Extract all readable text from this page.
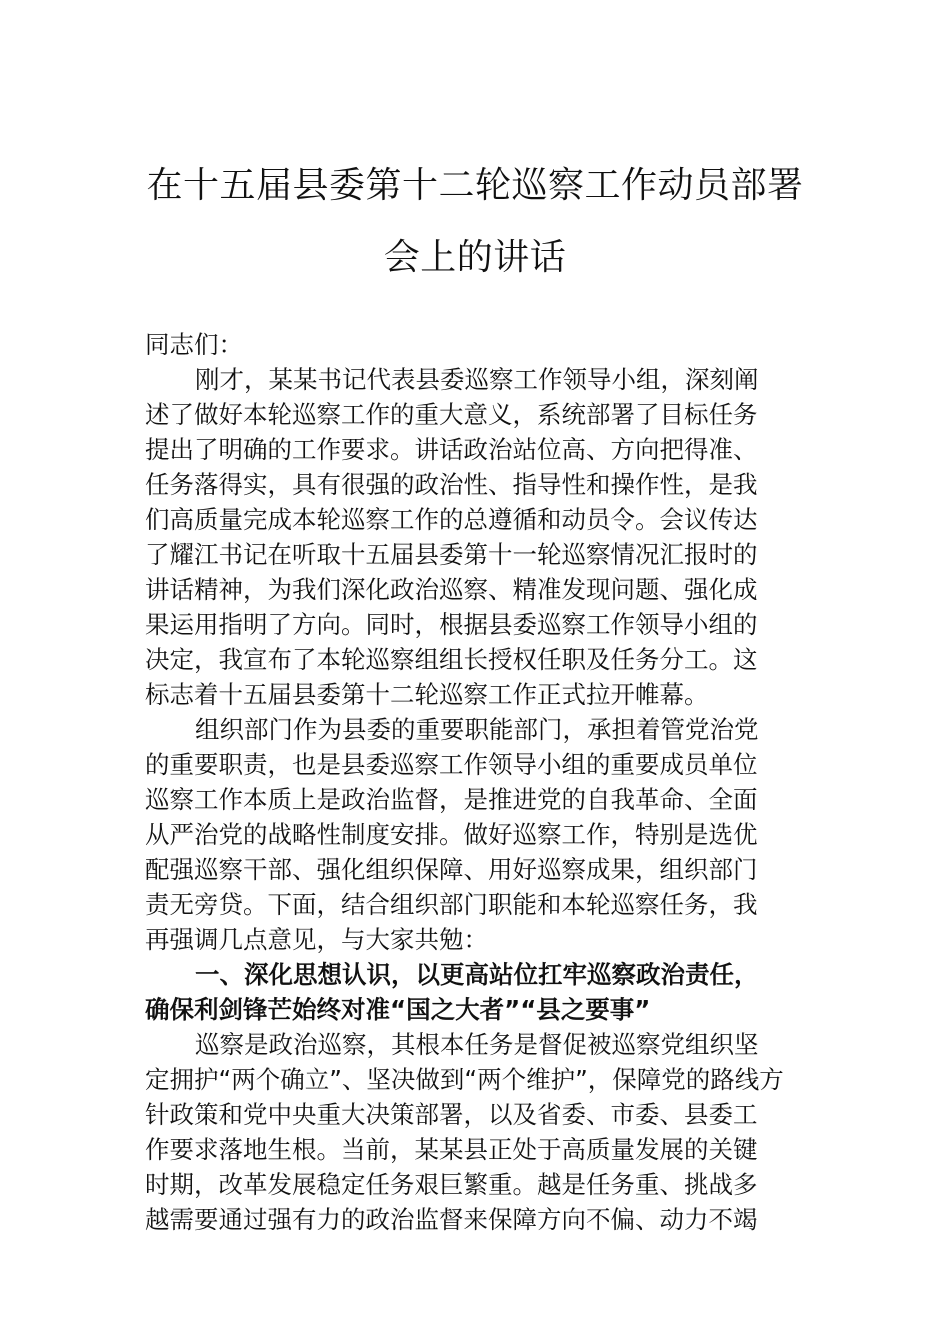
在十五届县委第十二轮巡察工作动员部署
会上的讲话
同志们：
刚才，某某书记代表县委巡察工作领导小组，深刻阐
述了做好本轮巡察工作的重大意义，系统部署了目标任务
提出了明确的工作要求。讲话政治站位高、方向把得准、
任务落得实，具有很强的政治性、指导性和操作性，是我
们高质量完成本轮巡察工作的总遵循和动员令。会议传达
了耀江书记在听取十五届县委第十一轮巡察情况汇报时的
讲话精神，为我们深化政治巡察、精准发现问题、强化成
果运用指明了方向。同时，根据县委巡察工作领导小组的
决定，我宣布了本轮巡察组组长授权任职及任务分工。这
标志着十五届县委第十二轮巡察工作正式拉开帷幕。
组织部门作为县委的重要职能部门，承担着管党治党
的重要职责，也是县委巡察工作领导小组的重要成员单位
巡察工作本质上是政治监督，是推进党的自我革命、全面
从严治党的战略性制度安排。做好巡察工作，特别是选优
配强巡察干部、强化组织保障、用好巡察成果，组织部门
责无旁贷。下面，结合组织部门职能和本轮巡察任务，我
再强调几点意见，与大家共勉：
一、深化思想认识，以更高站位扛牢巡察政治责任，
确保利剑锋芒始终对准“国之大者”“县之要事”
巡察是政治巡察，其根本任务是督促被巡察党组织坚
定拥护“两个确立”、坚决做到“两个维护”，保障党的路线方
针政策和党中央重大决策部署，以及省委、市委、县委工
作要求落地生根。当前，某某县正处于高质量发展的关键
时期，改革发展稳定任务艰巨繁重。越是任务重、挑战多
越需要通过强有力的政治监督来保障方向不偏、动力不竭
